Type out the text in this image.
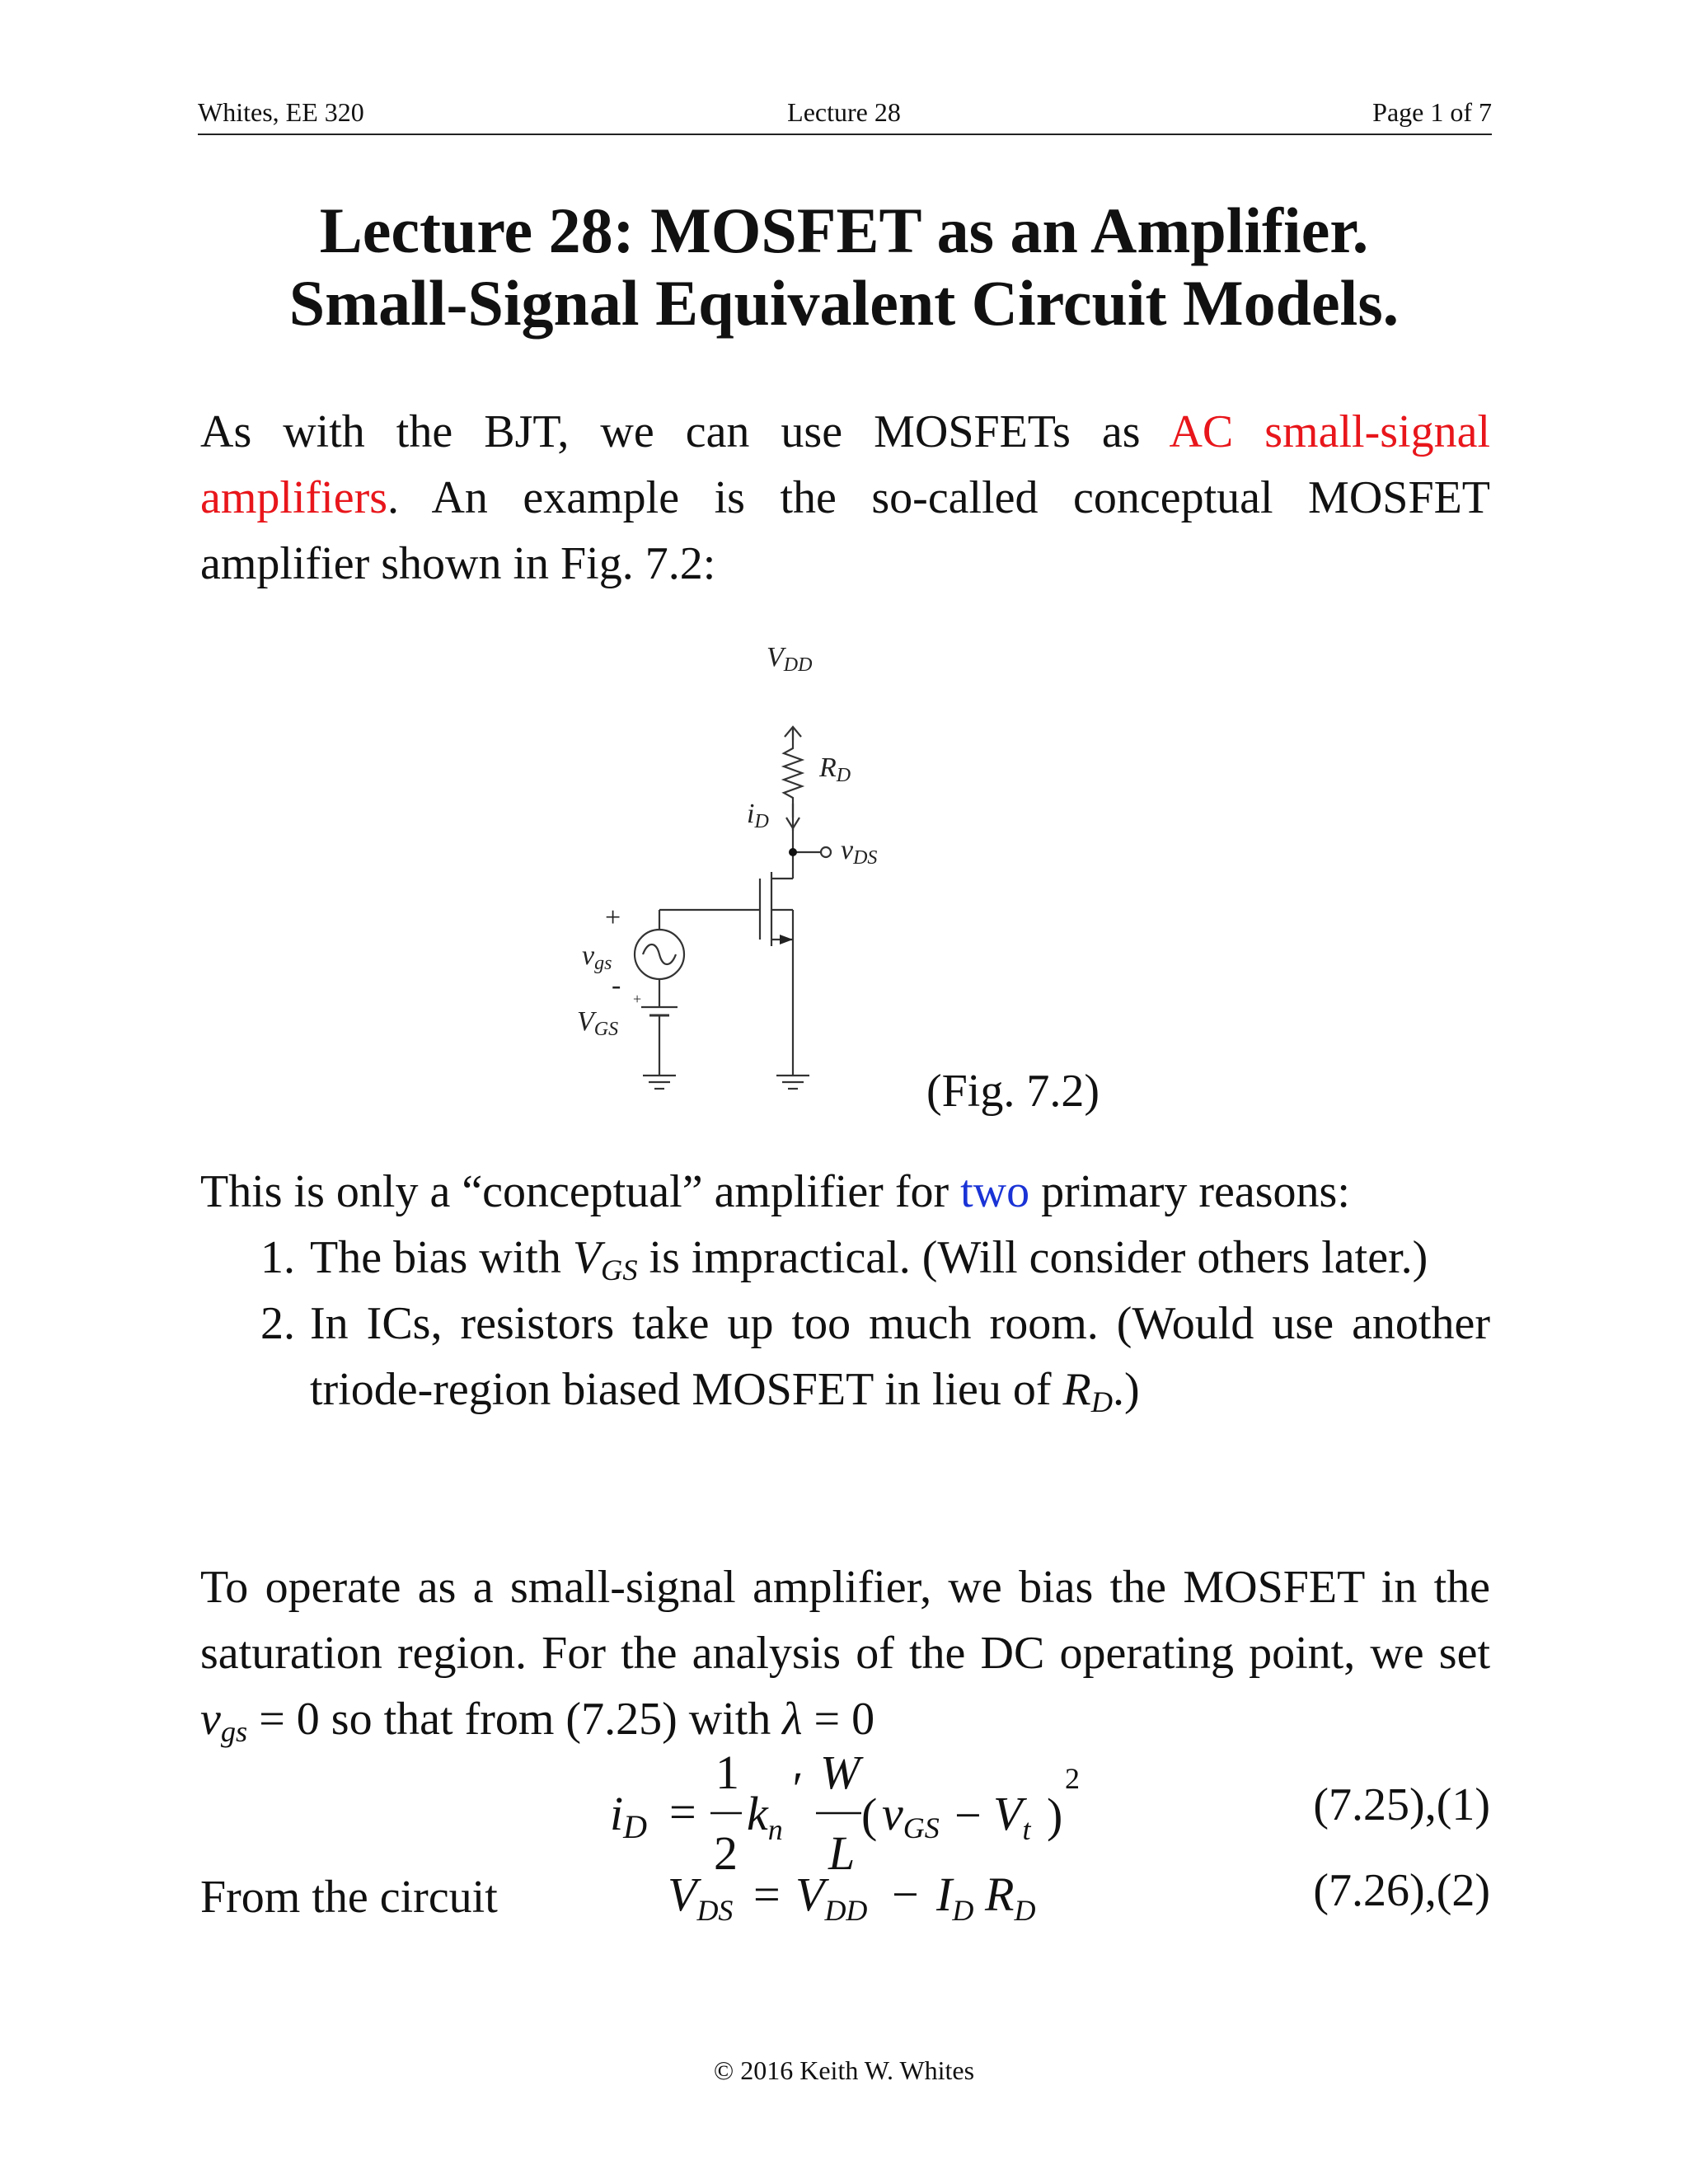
Whites, EE 320	Lecture 28	Page 1 of 7
Lecture 28: MOSFET as an Amplifier.
Small-Signal Equivalent Circuit Models.
As with the BJT, we can use MOSFETs as AC small-signal amplifiers. An example is the so-called conceptual MOSFET amplifier shown in Fig. 7.2:
VDD
RD
iD
vDS
vgs
VGS
+
- +
(Fig. 7.2)
This is only a “conceptual” amplifier for two primary reasons:
1. The bias with $V_{GS}$ is impractical. (Will consider others later.)
2. In ICs, resistors take up too much room. (Would use another triode-region biased MOSFET in lieu of $R_D$.)
To operate as a small-signal amplifier, we bias the MOSFET in the saturation region. For the analysis of the DC operating point, we set $v_{gs} = 0$ so that from (7.25) with λ = 0
iD =
1
2
W
L
( − )
2
$k_n$
′ vGS $V_t$	(7.25),(1)
From the circuit	$V_{DS}$ $V_{DD}$ $I_D$ $R_D$
= −	(7.26),(2)
© 2016 Keith W. Whites
